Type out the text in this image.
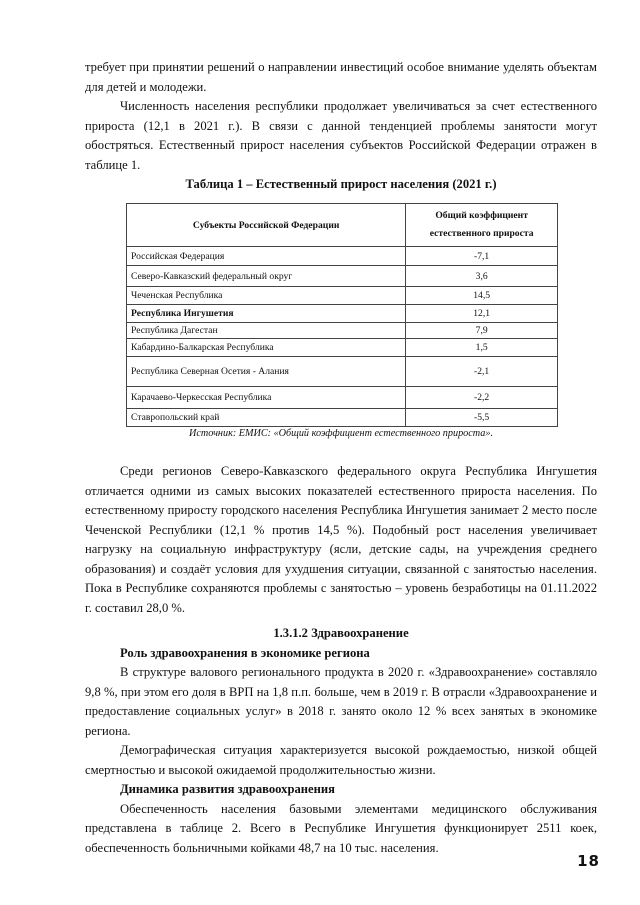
требует при принятии решений о направлении инвестиций особое внимание уделять объектам для детей и молодежи.

Численность населения республики продолжает увеличиваться за счет естественного прироста (12,1 в 2021 г.). В связи с данной тенденцией проблемы занятости могут обостряться. Естественный прирост населения субъектов Российской Федерации отражен в таблице 1.

Таблица 1 – Естественный прирост населения (2021 г.)
Субъекты Российской Федерации	Общий коэффициент естественного прироста
Российская Федерация	-7,1
Северо-Кавказский федеральный округ	3,6
Чеченская Республика	14,5
Республика Ингушетия	12,1
Республика Дагестан	7,9
Кабардино-Балкарская Республика	1,5
Республика Северная Осетия - Алания	-2,1
Карачаево-Черкесская Республика	-2,2
Ставропольский край	-5,5
Источник: ЕМИС: «Общий коэффициент естественного прироста».

Среди регионов Северо-Кавказского федерального округа Республика Ингушетия отличается одними из самых высоких показателей естественного прироста населения. По естественному приросту городского населения Республика Ингушетия занимает 2 место после Чеченской Республики (12,1 % против 14,5 %). Подобный рост населения увеличивает нагрузку на социальную инфраструктуру (ясли, детские сады, на учреждения среднего образования) и создаёт условия для ухудшения ситуации, связанной с занятостью населения. Пока в Республике сохраняются проблемы с занятостью – уровень безработицы на 01.11.2022 г. составил 28,0 %.

1.3.1.2 Здравоохранение

Роль здравоохранения в экономике региона

В структуре валового регионального продукта в 2020 г. «Здравоохранение» составляло 9,8 %, при этом его доля в ВРП на 1,8 п.п. больше, чем в 2019 г. В отрасли «Здравоохранение и предоставление социальных услуг» в 2018 г. занято около 12 % всех занятых в экономике региона.

Демографическая ситуация характеризуется высокой рождаемостью, низкой общей смертностью и высокой ожидаемой продолжительностью жизни.

Динамика развития здравоохранения

Обеспеченность населения базовыми элементами медицинского обслуживания представлена в таблице 2. Всего в Республике Ингушетия функционирует 2511 коек, обеспеченность больничными койками 48,7 на 10 тыс. населения.

18
